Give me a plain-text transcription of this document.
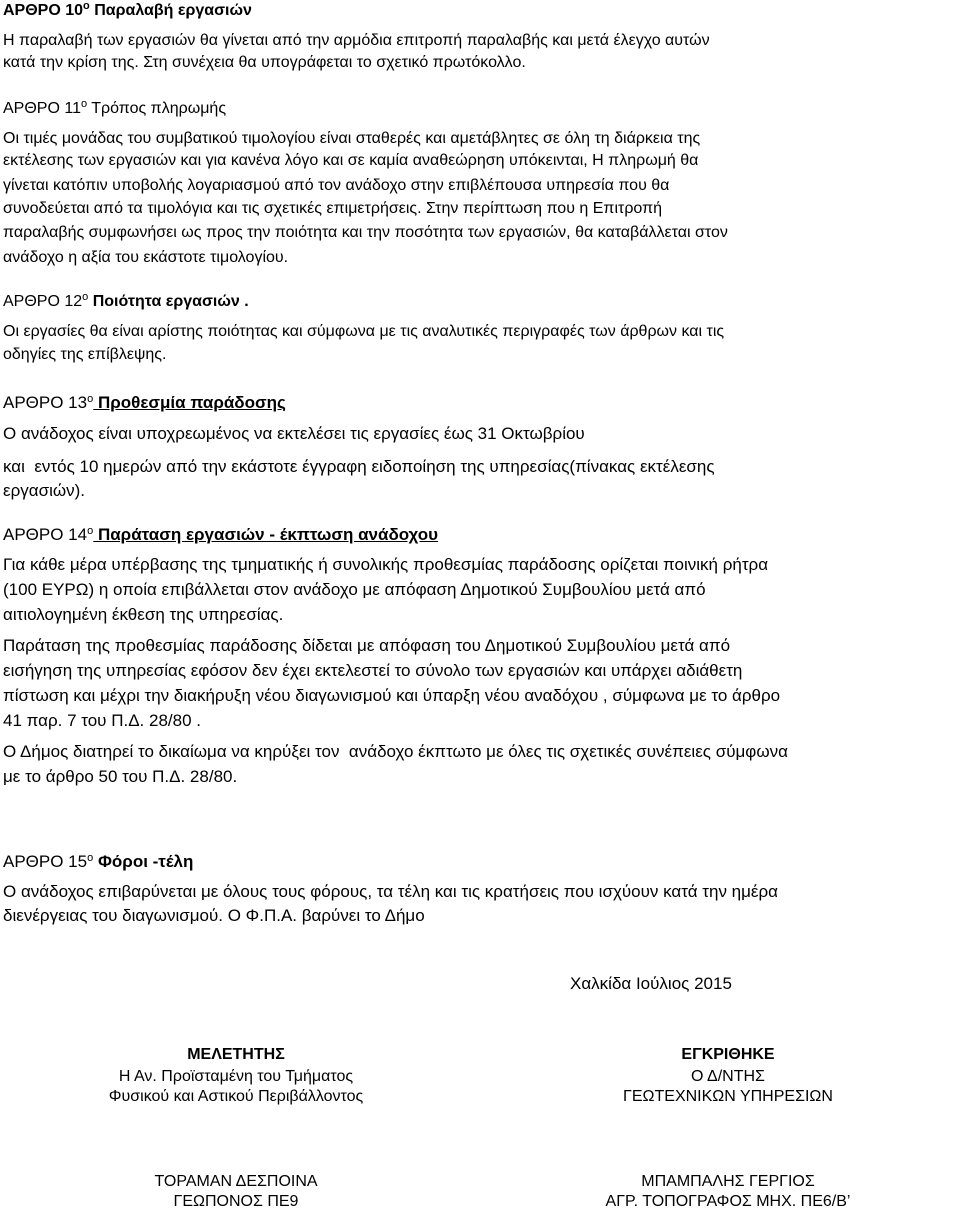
ΑΡΘΡΟ $10^o$ Παραλαβή εργασιών
Η παραλαβή των εργασιών θα γίνεται από την αρμόδια επιτροπή παραλαβής και μετά έλεγχο αυτών
κατά την κρίση της. Στη συνέχεια θα υπογράφεται το σχετικό πρωτόκολλο.
ΑΡΘΡΟ $11^o$ Τρόπος πληρωμής
Οι τιμές μονάδας του συμβατικού τιμολογίου είναι σταθερές και αμετάβλητες σε όλη τη διάρκεια της
εκτέλεσης των εργασιών και για κανένα λόγο και σε καμία αναθεώρηση υπόκεινται, Η πληρωμή θα
γίνεται κατόπιν υποβολής λογαριασμού από τον ανάδοχο στην επιβλέπουσα υπηρεσία που θα
συνοδεύεται από τα τιμολόγια και τις σχετικές επιμετρήσεις. Στην περίπτωση που η Επιτροπή
παραλαβής συμφωνήσει ως προς την ποιότητα και την ποσότητα των εργασιών, θα καταβάλλεται στον
ανάδοχο η αξία του εκάστοτε τιμολογίου.
ΑΡΘΡΟ $12^o$ Ποιότητα εργασιών .
Οι εργασίες θα είναι αρίστης ποιότητας και σύμφωνα με τις αναλυτικές περιγραφές των άρθρων και τις
οδηγίες της επίβλεψης.
ΑΡΘΡΟ $13^o$ Προθεσμία παράδοσης
Ο ανάδοχος είναι υποχρεωμένος να εκτελέσει τις εργασίες έως 31 Οκτωβρίου
και  εντός 10 ημερών από την εκάστοτε έγγραφη ειδοποίηση της υπηρεσίας(πίνακας εκτέλεσης
εργασιών).
ΑΡΘΡΟ $14^o$ Παράταση εργασιών - έκπτωση ανάδοχου
Για κάθε μέρα υπέρβασης της τμηματικής ή συνολικής προθεσμίας παράδοσης ορίζεται ποινική ρήτρα
(100 ΕΥΡΩ) η οποία επιβάλλεται στον ανάδοχο με απόφαση Δημοτικού Συμβουλίου μετά από
αιτιολογημένη έκθεση της υπηρεσίας.
Παράταση της προθεσμίας παράδοσης δίδεται με απόφαση του Δημοτικού Συμβουλίου μετά από
εισήγηση της υπηρεσίας εφόσον δεν έχει εκτελεστεί το σύνολο των εργασιών και υπάρχει αδιάθετη
πίστωση και μέχρι την διακήρυξη νέου διαγωνισμού και ύπαρξη νέου αναδόχου , σύμφωνα με το άρθρο
41 παρ. 7 του Π.Δ. 28/80 .
Ο Δήμος διατηρεί το δικαίωμα να κηρύξει τον  ανάδοχο έκπτωτο με όλες τις σχετικές συνέπειες σύμφωνα
με το άρθρο 50 του Π.Δ. 28/80.
ΑΡΘΡΟ $15^o$ Φόροι -τέλη
Ο ανάδοχος επιβαρύνεται με όλους τους φόρους, τα τέλη και τις κρατήσεις που ισχύουν κατά την ημέρα
διενέργειας του διαγωνισμού. Ο Φ.Π.Α. βαρύνει το Δήμο
Χαλκίδα Ιούλιος 2015
ΜΕΛΕΤΗΤΗΣ
Η Αν. Προϊσταμένη του Τμήματος
Φυσικού και Αστικού Περιβάλλοντος
ΤΟΡΑΜΑΝ ΔΕΣΠΟΙΝΑ
ΓΕΩΠΟΝΟΣ ΠΕ9
ΕΓΚΡΙΘΗΚΕ
Ο Δ/ΝΤΗΣ
ΓΕΩΤΕΧΝΙΚΩΝ ΥΠΗΡΕΣΙΩΝ
ΜΠΑΜΠΑΛΗΣ ΓΕΡΓΙΟΣ
ΑΓΡ. ΤΟΠΟΓΡΑΦΟΣ ΜΗΧ. ΠΕ6/Β’
